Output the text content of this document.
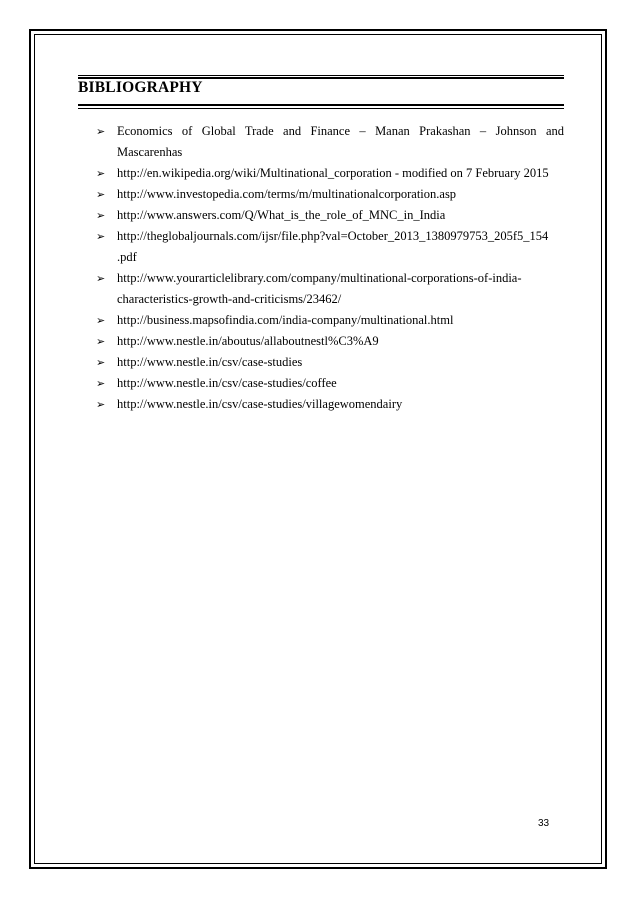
BIBLIOGRAPHY
➢ Economics of Global Trade and Finance – Manan Prakashan – Johnson and
Mascarenhas
➢ http://en.wikipedia.org/wiki/Multinational_corporation - modified on 7 February 2015
➢ http://www.investopedia.com/terms/m/multinationalcorporation.asp
➢ http://www.answers.com/Q/What_is_the_role_of_MNC_in_India
➢ http://theglobaljournals.com/ijsr/file.php?val=October_2013_1380979753_205f5_154
.pdf
➢ http://www.yourarticlelibrary.com/company/multinational-corporations-of-india-
characteristics-growth-and-criticisms/23462/
➢ http://business.mapsofindia.com/india-company/multinational.html
➢ http://www.nestle.in/aboutus/allaboutnestl%C3%A9
➢ http://www.nestle.in/csv/case-studies
➢ http://www.nestle.in/csv/case-studies/coffee
➢ http://www.nestle.in/csv/case-studies/villagewomendairy
33
